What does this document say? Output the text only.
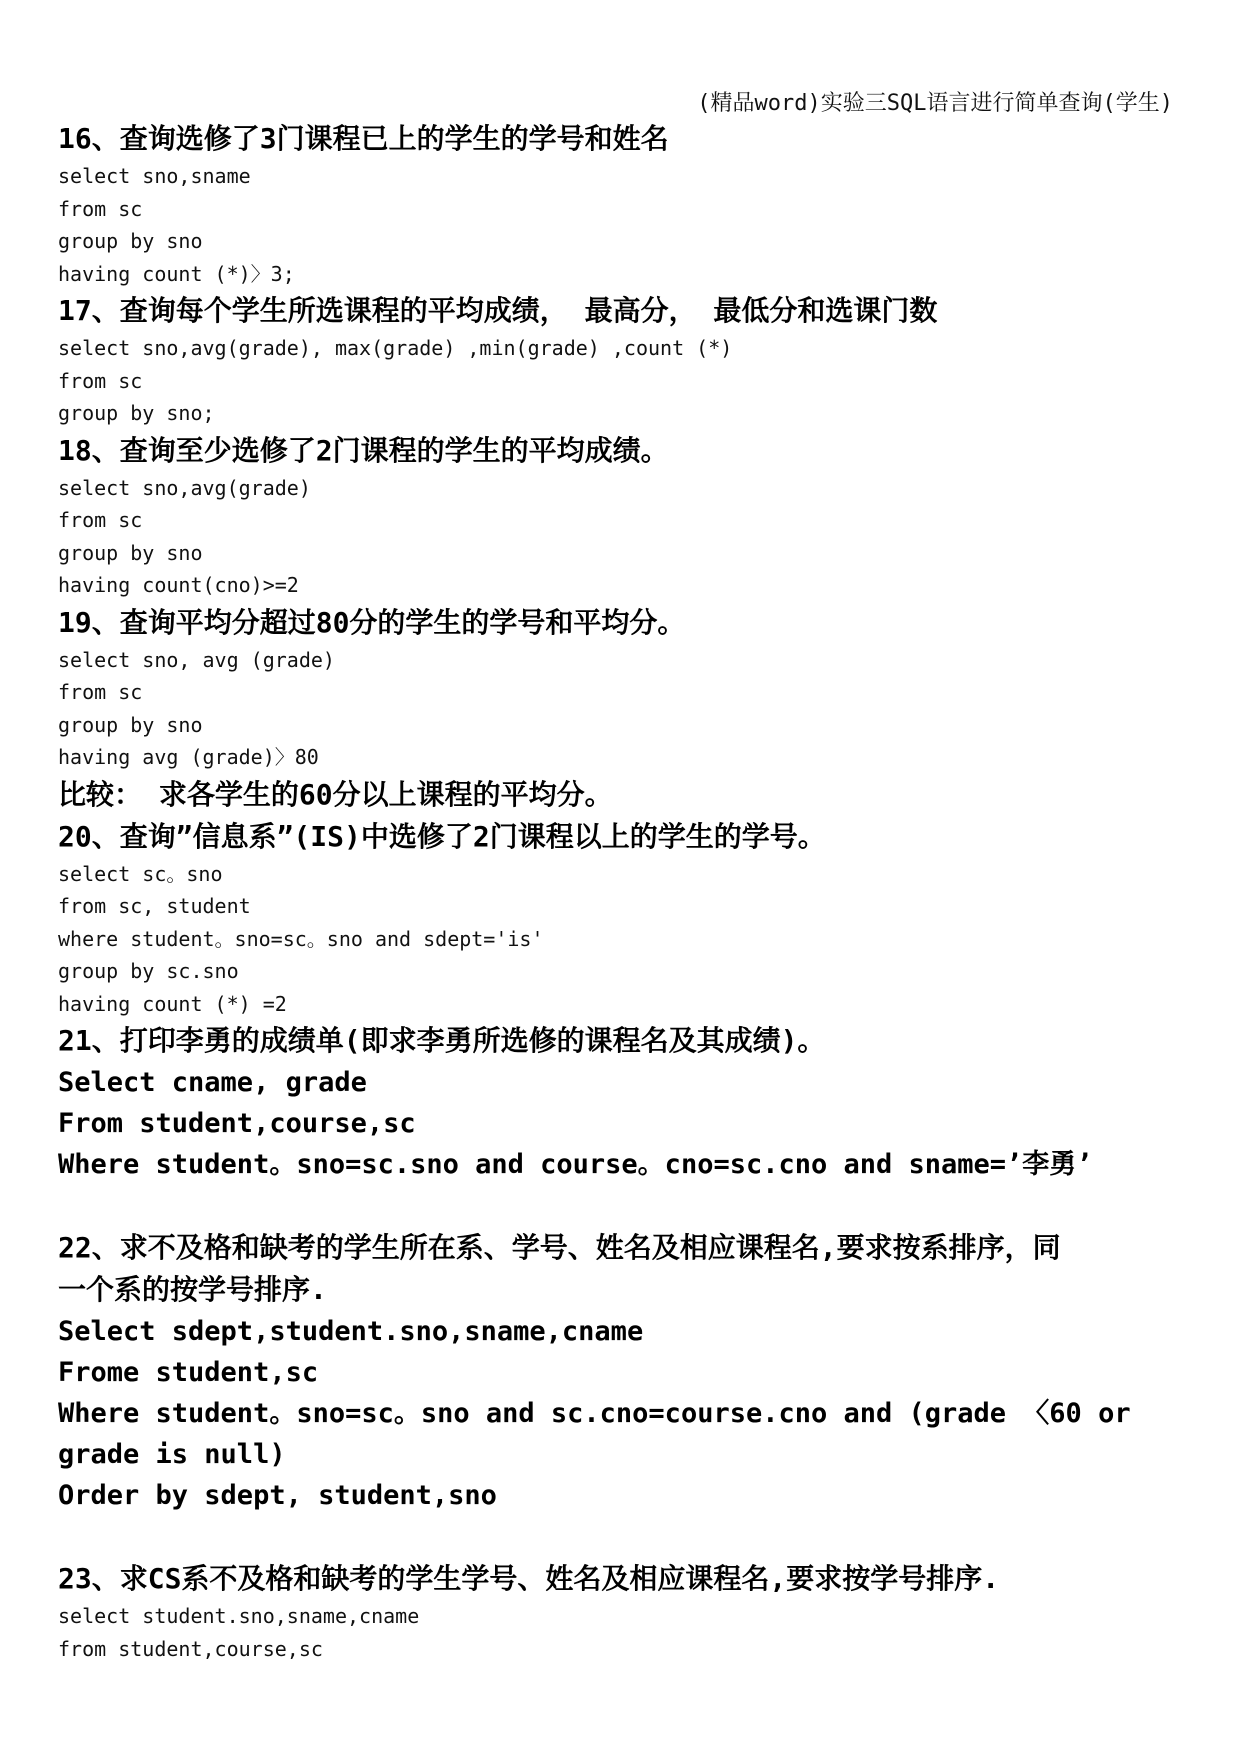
(精品word)实验三SQL语言进行简单查询(学生)

16、查询选修了3门课程已上的学生的学号和姓名

select sno,sname

from sc

group by sno

having count (*)〉3;

17、查询每个学生所选课程的平均成绩， 最高分， 最低分和选课门数

select sno,avg(grade), max(grade) ,min(grade) ,count (*)

from sc

group by sno;

18、查询至少选修了2门课程的学生的平均成绩。

select sno,avg(grade)

from sc

group by sno

having count(cno)>=2

19、查询平均分超过80分的学生的学号和平均分。

select sno, avg (grade)

from sc

group by sno

having avg (grade)〉80

比较： 求各学生的60分以上课程的平均分。

20、查询”信息系”(IS)中选修了2门课程以上的学生的学号。

select sc。sno

from sc, student

where student。sno=sc。sno and sdept='is'

group by sc.sno

having count (*) =2

21、打印李勇的成绩单(即求李勇所选修的课程名及其成绩)。

Select cname, grade

From student,course,sc

Where student。sno=sc.sno and course。cno=sc.cno and sname=’李勇’

22、求不及格和缺考的学生所在系、学号、姓名及相应课程名,要求按系排序，同

一个系的按学号排序.

Select sdept,student.sno,sname,cname

Frome student,sc

Where student。sno=sc。sno and sc.cno=course.cno and (grade 〈60 or grade is null)

Order by sdept, student,sno

23、求CS系不及格和缺考的学生学号、姓名及相应课程名,要求按学号排序.

select student.sno,sname,cname

from student,course,sc
